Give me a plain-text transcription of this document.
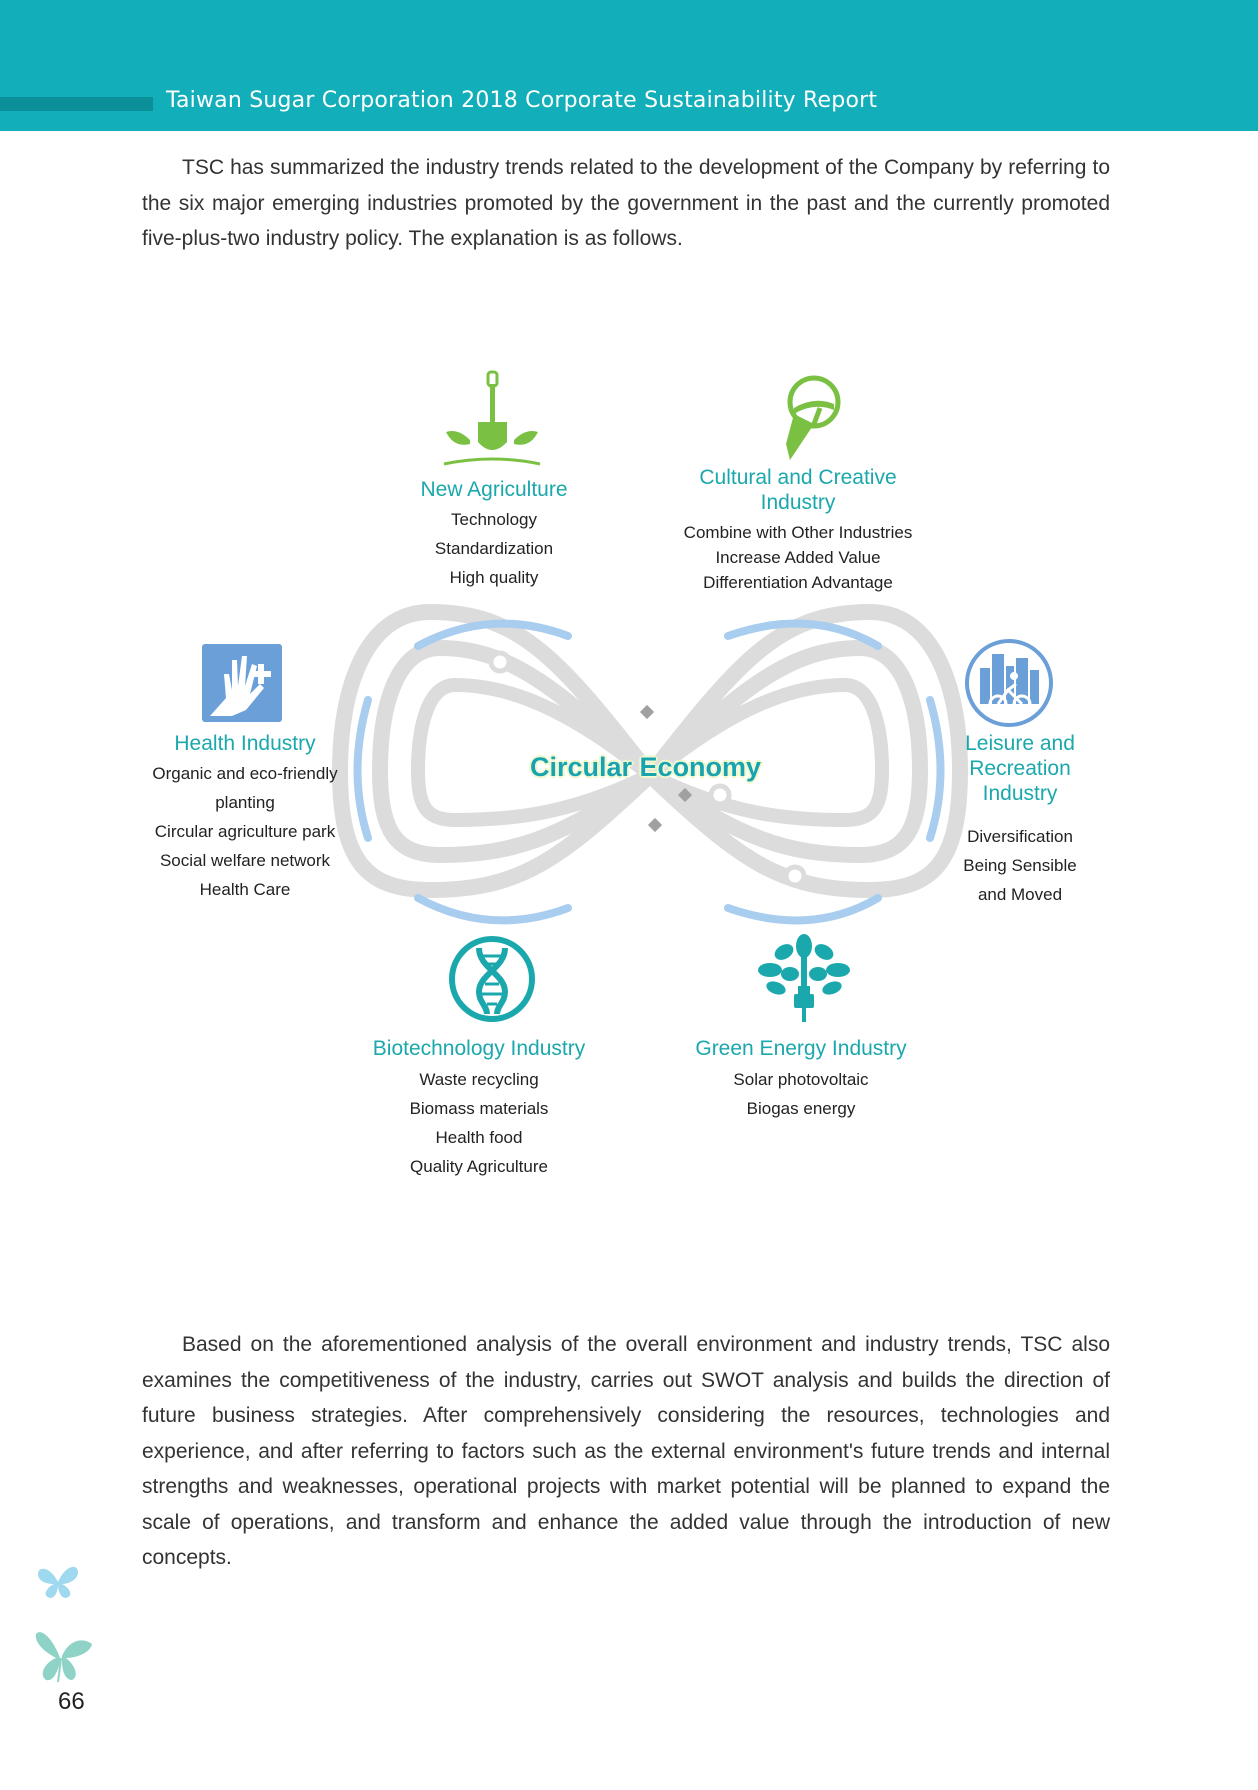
Taiwan Sugar Corporation 2018 Corporate Sustainability Report

TSC has summarized the industry trends related to the development of the Company by referring to the six major emerging industries promoted by the government in the past and the currently promoted five-plus-two industry policy. The explanation is as follows.

Circular Economy
New Agriculture
Technology
Standardization
High quality
Cultural and Creative
Industry
Combine with Other Industries
Increase Added Value
Differentiation Advantage
Health Industry
Organic and eco-friendly
planting
Circular agriculture park
Social welfare network
Health Care
Leisure and
Recreation
Industry
Diversification
Being Sensible
and Moved
Biotechnology Industry
Waste recycling
Biomass materials
Health food
Quality Agriculture
Green Energy Industry
Solar photovoltaic
Biogas energy

Based on the aforementioned analysis of the overall environment and industry trends, TSC also examines the competitiveness of the industry, carries out SWOT analysis and builds the direction of future business strategies. After comprehensively considering the resources, technologies and experience, and after referring to factors such as the external environment's future trends and internal strengths and weaknesses, operational projects with market potential will be planned to expand the scale of operations, and transform and enhance the added value through the introduction of new concepts.

66
